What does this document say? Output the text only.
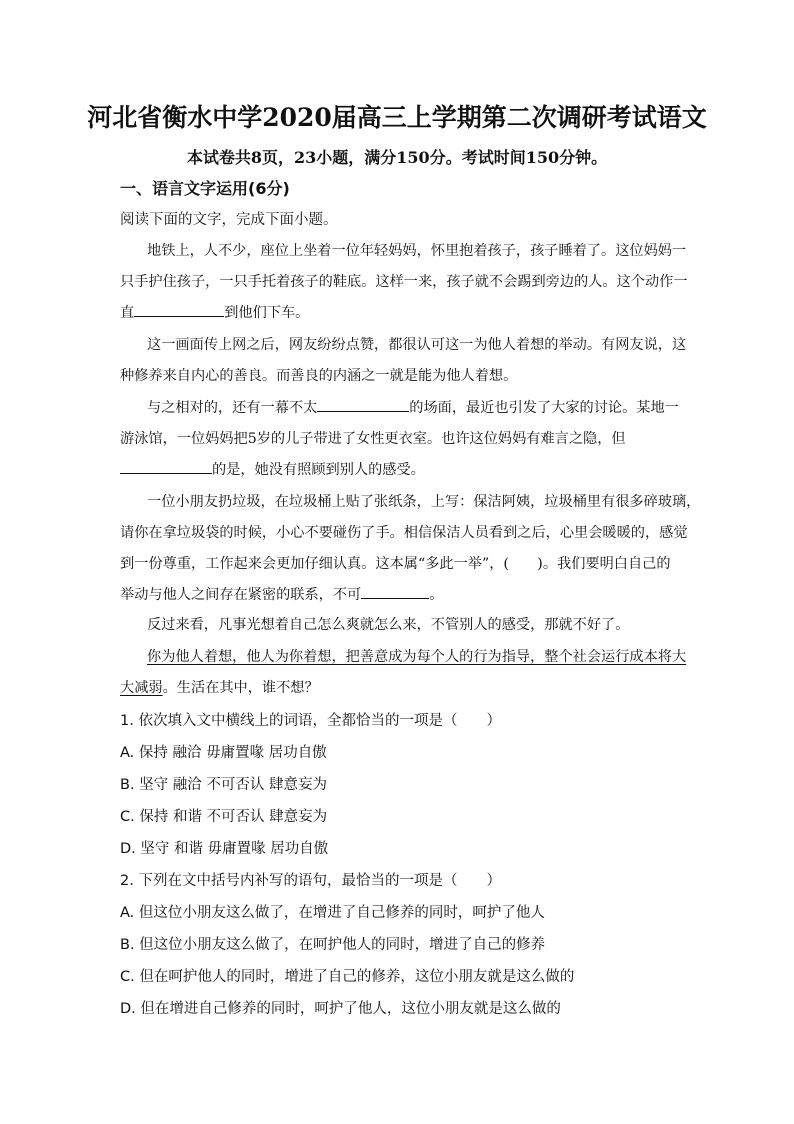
河北省衡水中学2020届高三上学期第二次调研考试语文
本试卷共8页，23小题，满分150分。考试时间150分钟。
一、语言文字运用(6分)
阅读下面的文字，完成下面小题。
地铁上，人不少，座位上坐着一位年轻妈妈，怀里抱着孩子，孩子睡着了。这位妈妈一
只手护住孩子，一只手托着孩子的鞋底。这样一来，孩子就不会踢到旁边的人。这个动作一
直	到他们下车。
这一画面传上网之后，网友纷纷点赞，都很认可这一为他人着想的举动。有网友说，这
种修养来自内心的善良。而善良的内涵之一就是能为他人着想。
与之相对的，还有一幕不太	的场面，最近也引发了大家的讨论。某地一
游泳馆，一位妈妈把5岁的儿子带进了女性更衣室。也许这位妈妈有难言之隐，但
的是，她没有照顾到别人的感受。
一位小朋友扔垃圾，在垃圾桶上贴了张纸条，上写：保洁阿姨，垃圾桶里有很多碎玻璃，
请你在拿垃圾袋的时候，小心不要碰伤了手。相信保洁人员看到之后，心里会暖暖的，感觉
到一份尊重，工作起来会更加仔细认真。这本属“多此一举”，(　　)。我们要明白自己的
举动与他人之间存在紧密的联系，不可	。
反过来看，凡事光想着自己怎么爽就怎么来，不管别人的感受，那就不好了。
你为他人着想，他人为你着想，把善意成为每个人的行为指导，整个社会运行成本将大
大减弱。生活在其中，谁不想？
1. 依次填入文中横线上的词语，全都恰当的一项是（　　）
A. 保持 融洽 毋庸置喙 居功自傲
B. 坚守 融洽 不可否认 肆意妄为
C. 保持 和谐 不可否认 肆意妄为
D. 坚守 和谐 毋庸置喙 居功自傲
2. 下列在文中括号内补写的语句，最恰当的一项是（　　）
A. 但这位小朋友这么做了，在增进了自己修养的同时，呵护了他人
B. 但这位小朋友这么做了，在呵护他人的同时，增进了自己的修养
C. 但在呵护他人的同时，增进了自己的修养，这位小朋友就是这么做的
D. 但在增进自己修养的同时，呵护了他人，这位小朋友就是这么做的
